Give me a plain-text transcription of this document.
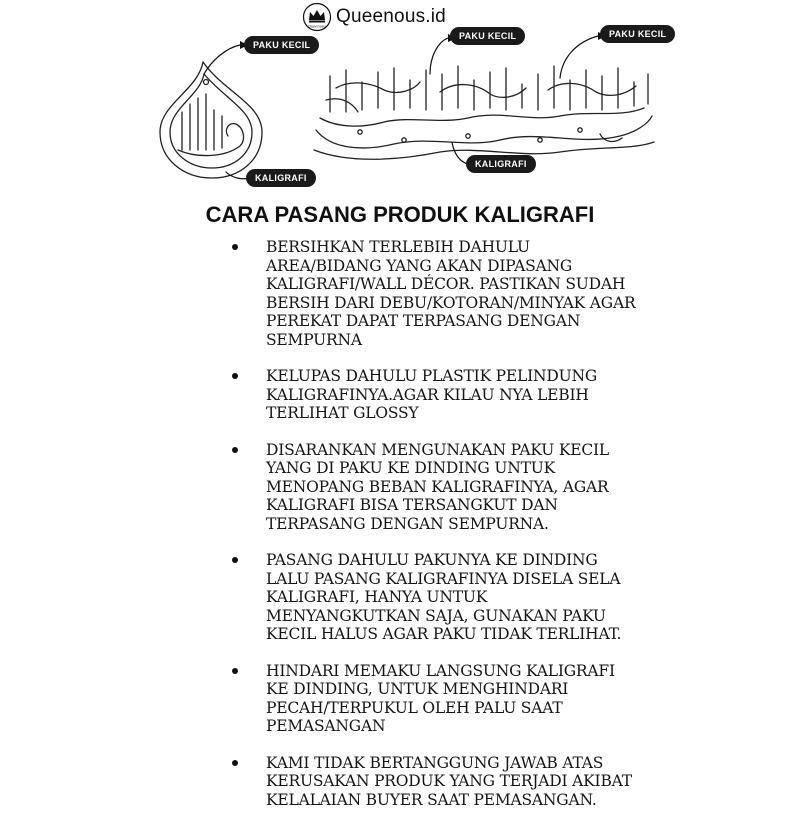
Queenous Queenous.id
PAKU KECIL
PAKU KECIL	PAKU KECIL
KALIGRAFI
KALIGRAFI
CARA PASANG PRODUK KALIGRAFI
BERSIHKAN TERLEBIH DAHULU
AREA/BIDANG YANG AKAN DIPASANG
KALIGRAFI/WALL DÉCOR. PASTIKAN SUDAH
BERSIH DARI DEBU/KOTORAN/MINYAK AGAR
PEREKAT DAPAT TERPASANG DENGAN
SEMPURNA
KELUPAS DAHULU PLASTIK PELINDUNG
KALIGRAFINYA.AGAR KILAU NYA LEBIH
TERLIHAT GLOSSY
DISARANKAN MENGUNAKAN PAKU KECIL
YANG DI PAKU KE DINDING UNTUK
MENOPANG BEBAN KALIGRAFINYA, AGAR
KALIGRAFI BISA TERSANGKUT DAN
TERPASANG DENGAN SEMPURNA.
PASANG DAHULU PAKUNYA KE DINDING
LALU PASANG KALIGRAFINYA DISELA SELA
KALIGRAFI, HANYA UNTUK
MENYANGKUTKAN SAJA, GUNAKAN PAKU
KECIL HALUS AGAR PAKU TIDAK TERLIHAT.
HINDARI MEMAKU LANGSUNG KALIGRAFI
KE DINDING, UNTUK MENGHINDARI
PECAH/TERPUKUL OLEH PALU SAAT
PEMASANGAN
KAMI TIDAK BERTANGGUNG JAWAB ATAS
KERUSAKAN PRODUK YANG TERJADI AKIBAT
KELALAIAN BUYER SAAT PEMASANGAN.
